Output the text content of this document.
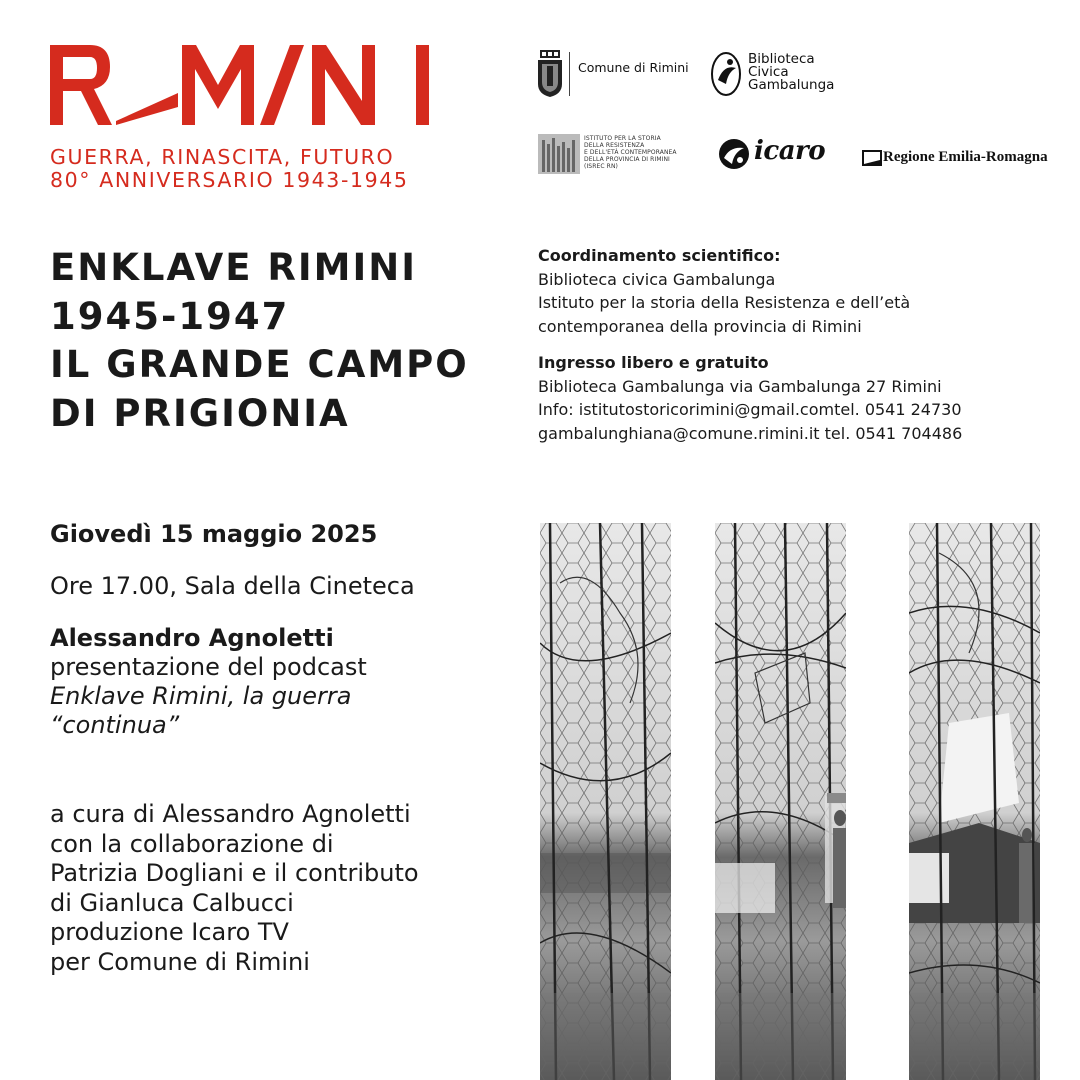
GUERRA, RINASCITA, FUTURO
80° ANNIVERSARIO 1943-1945
Comune di Rimini
Biblioteca
Civica
Gambalunga
ISTITUTO PER LA STORIA
DELLA RESISTENZA
E DELL'ETÀ CONTEMPORANEA
DELLA PROVINCIA DI RIMINI
(ISREC RN)
icaro	Regione Emilia-Romagna
ENKLAVE RIMINI
1945-1947
IL GRANDE CAMPO
DI PRIGIONIA
Coordinamento scientifico:
Biblioteca civica Gambalunga
Istituto per la storia della Resistenza e dell’età
contemporanea della provincia di Rimini
Ingresso libero e gratuito
Biblioteca Gambalunga via Gambalunga 27 Rimini
Info: istitutostoricorimini@gmail.comtel. 0541 24730
gambalunghiana@comune.rimini.it tel. 0541 704486
Giovedì 15 maggio 2025
Ore 17.00, Sala della Cineteca
Alessandro Agnoletti
presentazione del podcast
Enklave Rimini, la guerra
“continua”
a cura di Alessandro Agnoletti
con la collaborazione di
Patrizia Dogliani e il contributo
di Gianluca Calbucci
produzione Icaro TV
per Comune di Rimini
